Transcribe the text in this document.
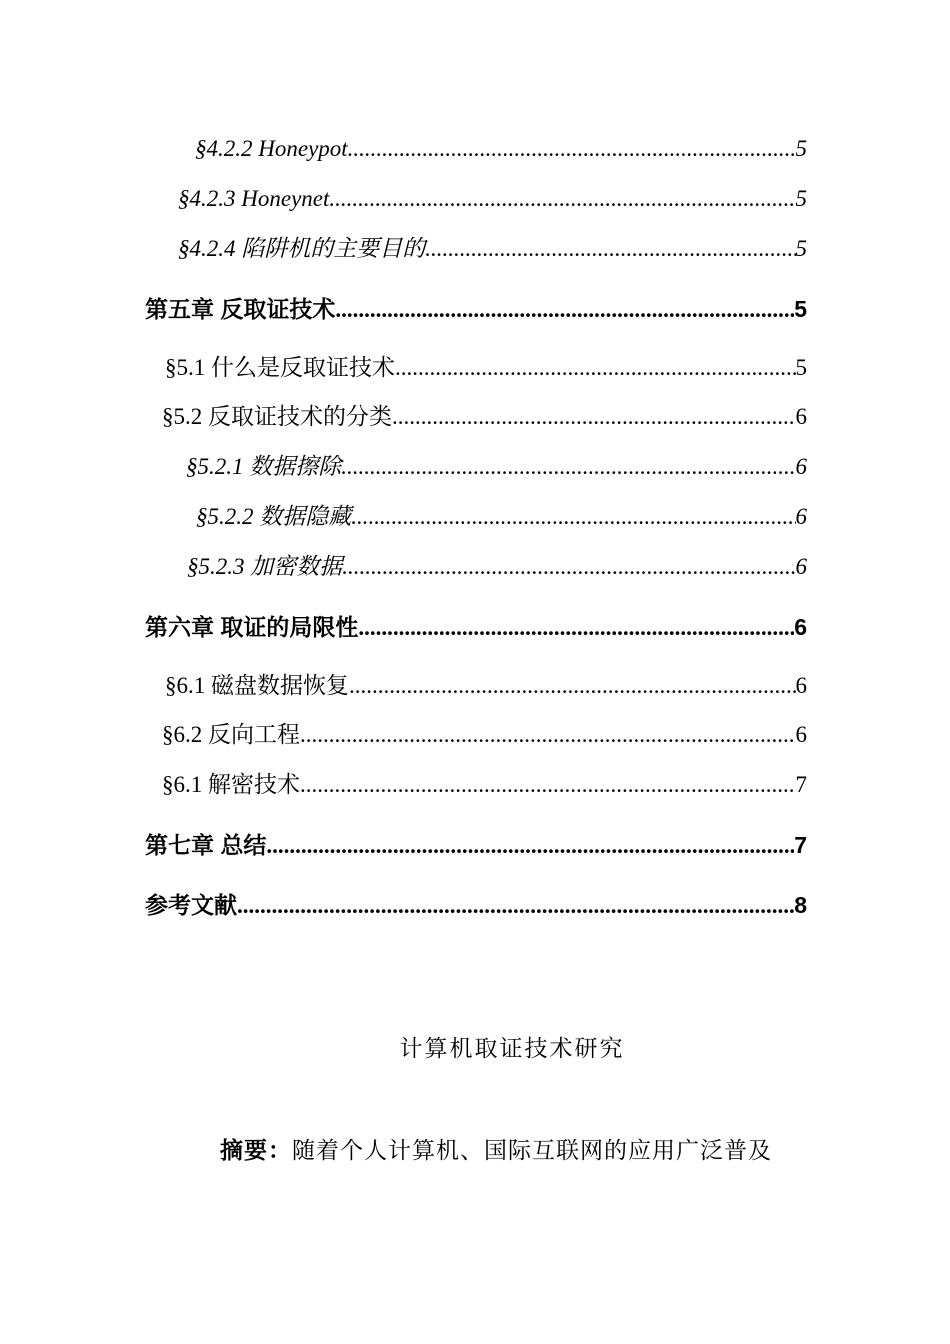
§4.2.2 Honeypot .....	5
§4.2.3 Honeynet .....	5
§4.2.4 陷阱机的主要目的 .....	5
第五章 反取证技术 .....	5
§5.1 什么是反取证技术 .....	5
§5.2 反取证技术的分类 .....	6
§5.2.1 数据擦除 .....	6
§5.2.2 数据隐藏 .....	6
§5.2.3 加密数据 .....	6
第六章 取证的局限性 .....	6
§6.1 磁盘数据恢复 .....	6
§6.2 反向工程 .....	6
§6.1 解密技术 .....	7
第七章 总结 .....	7
参考文献 .....	8
计算机取证技术研究
摘要：随着个人计算机、国际互联网的应用广泛普及
